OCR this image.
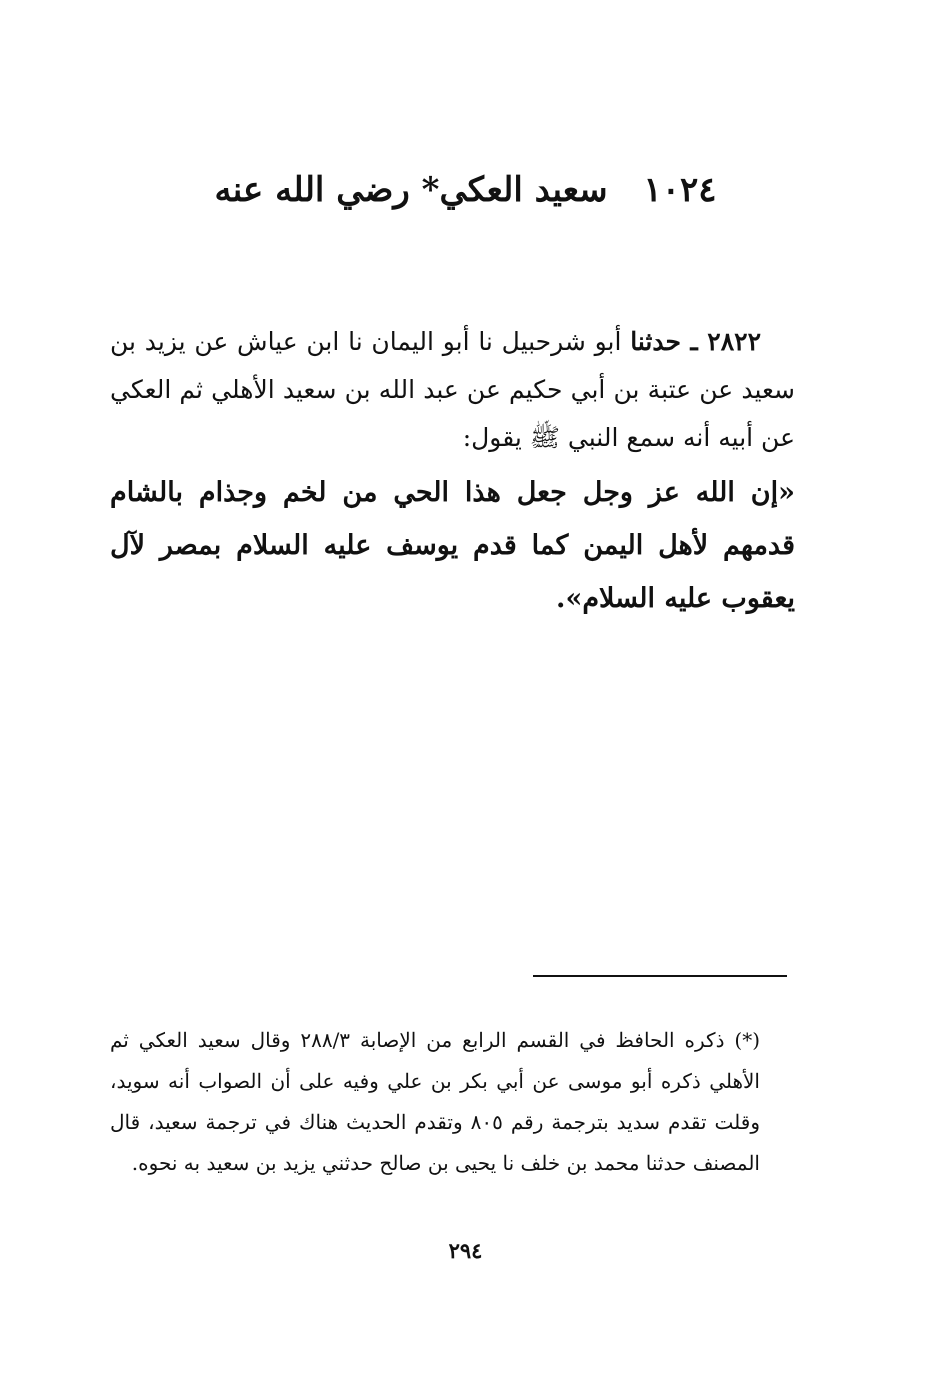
١٠٢٤ سعيد العكي* رضي الله عنه

٢٨٢٢ ـ حدثنا أبو شرحبيل نا أبو اليمان نا ابن عياش عن يزيد بن سعيد عن عتبة بن أبي حكيم عن عبد الله بن سعيد الأهلي ثم العكي عن أبيه أنه سمع النبي ﷺ يقول:

«إن الله عز وجل جعل هذا الحي من لخم وجذام بالشام قدمهم لأهل اليمن كما قدم يوسف عليه السلام بمصر لآل يعقوب عليه السلام».

(*) ذكره الحافظ في القسم الرابع من الإصابة ٢٨٨/٣ وقال سعيد العكي ثم الأهلي ذكره أبو موسى عن أبي بكر بن علي وفيه على أن الصواب أنه سويد، وقلت تقدم سديد بترجمة رقم ٨٠٥ وتقدم الحديث هناك في ترجمة سعيد، قال المصنف حدثنا محمد بن خلف نا يحيى بن صالح حدثني يزيد بن سعيد به نحوه.

٢٩٤
